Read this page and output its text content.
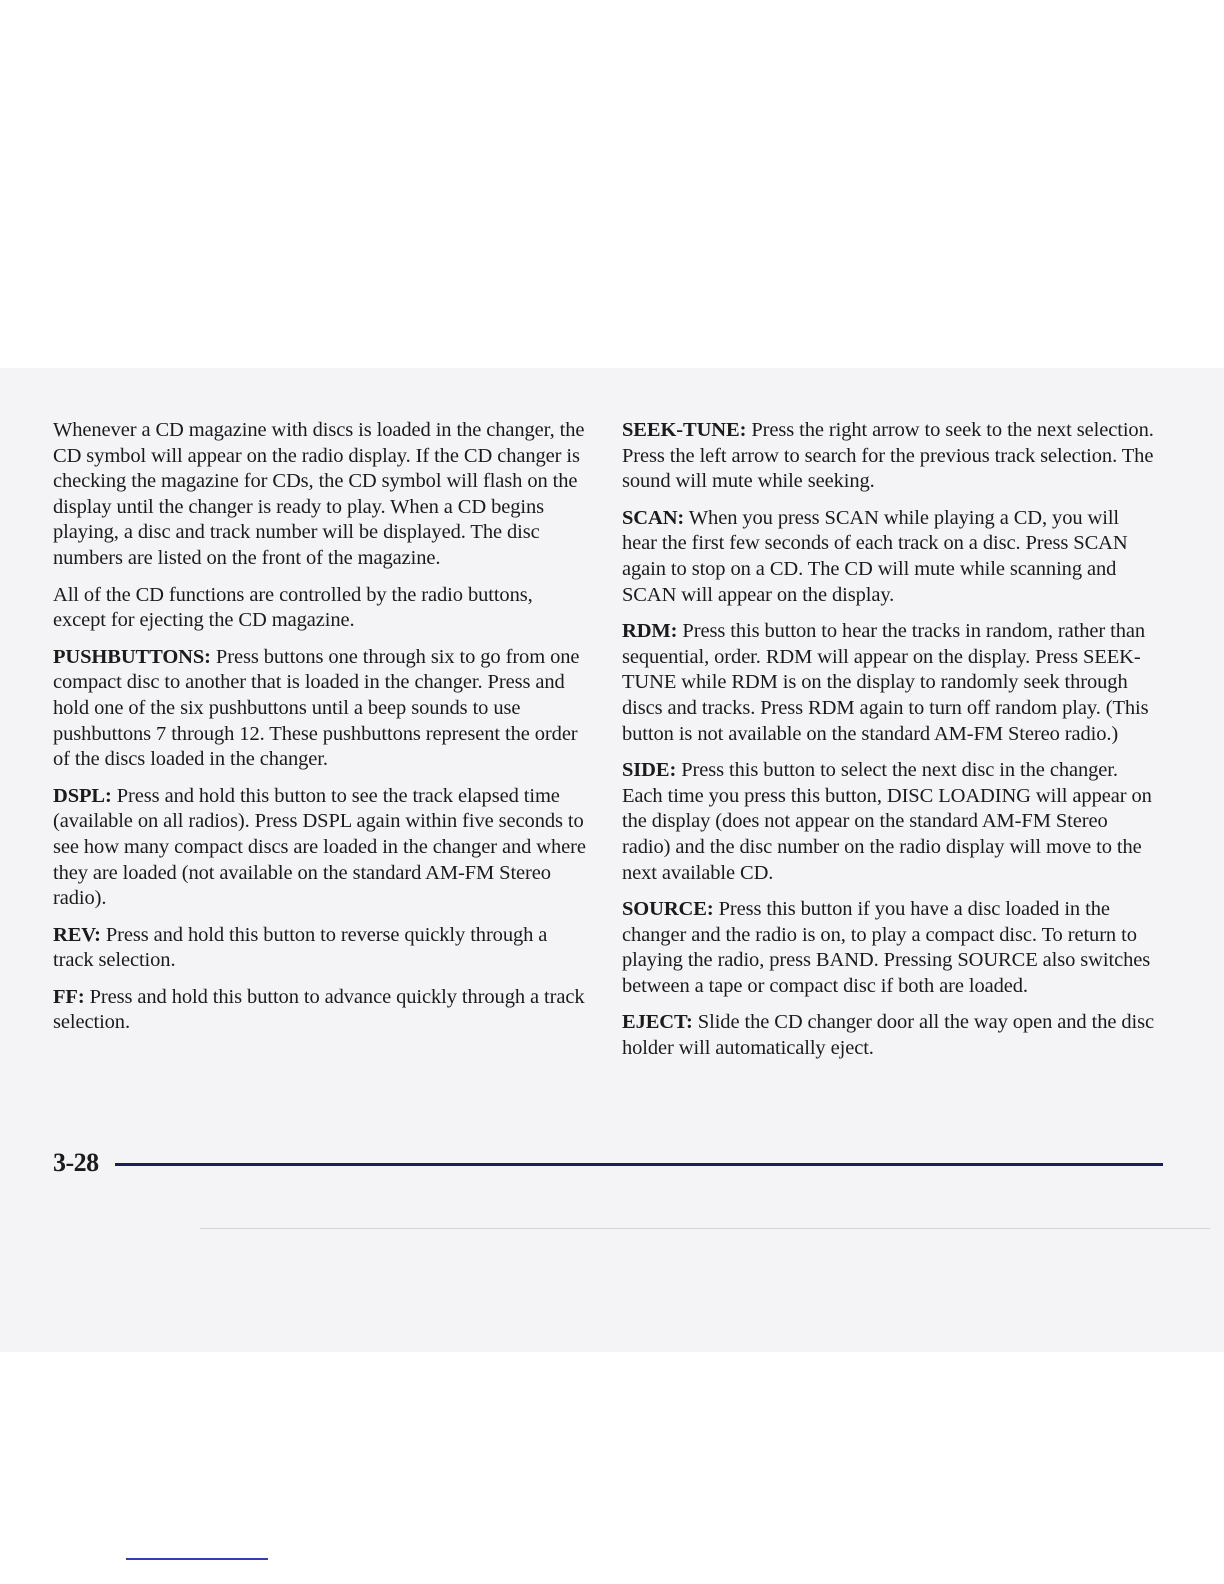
Whenever a CD magazine with discs is loaded in the changer, the CD symbol will appear on the radio display. If the CD changer is checking the magazine for CDs, the CD symbol will flash on the display until the changer is ready to play. When a CD begins playing, a disc and track number will be displayed. The disc numbers are listed on the front of the magazine.

All of the CD functions are controlled by the radio buttons, except for ejecting the CD magazine.

PUSHBUTTONS: Press buttons one through six to go from one compact disc to another that is loaded in the changer. Press and hold one of the six pushbuttons until a beep sounds to use pushbuttons 7 through 12. These pushbuttons represent the order of the discs loaded in the changer.

DSPL: Press and hold this button to see the track elapsed time (available on all radios). Press DSPL again within five seconds to see how many compact discs are loaded in the changer and where they are loaded (not available on the standard AM-FM Stereo radio).

REV: Press and hold this button to reverse quickly through a track selection.

FF: Press and hold this button to advance quickly through a track selection.

SEEK-TUNE: Press the right arrow to seek to the next selection. Press the left arrow to search for the previous track selection. The sound will mute while seeking.

SCAN: When you press SCAN while playing a CD, you will hear the first few seconds of each track on a disc. Press SCAN again to stop on a CD. The CD will mute while scanning and SCAN will appear on the display.

RDM: Press this button to hear the tracks in random, rather than sequential, order. RDM will appear on the display. Press SEEK-TUNE while RDM is on the display to randomly seek through discs and tracks. Press RDM again to turn off random play. (This button is not available on the standard AM-FM Stereo radio.)

SIDE: Press this button to select the next disc in the changer. Each time you press this button, DISC LOADING will appear on the display (does not appear on the standard AM-FM Stereo radio) and the disc number on the radio display will move to the next available CD.

SOURCE: Press this button if you have a disc loaded in the changer and the radio is on, to play a compact disc. To return to playing the radio, press BAND. Pressing SOURCE also switches between a tape or compact disc if both are loaded.

EJECT: Slide the CD changer door all the way open and the disc holder will automatically eject.

3-28
